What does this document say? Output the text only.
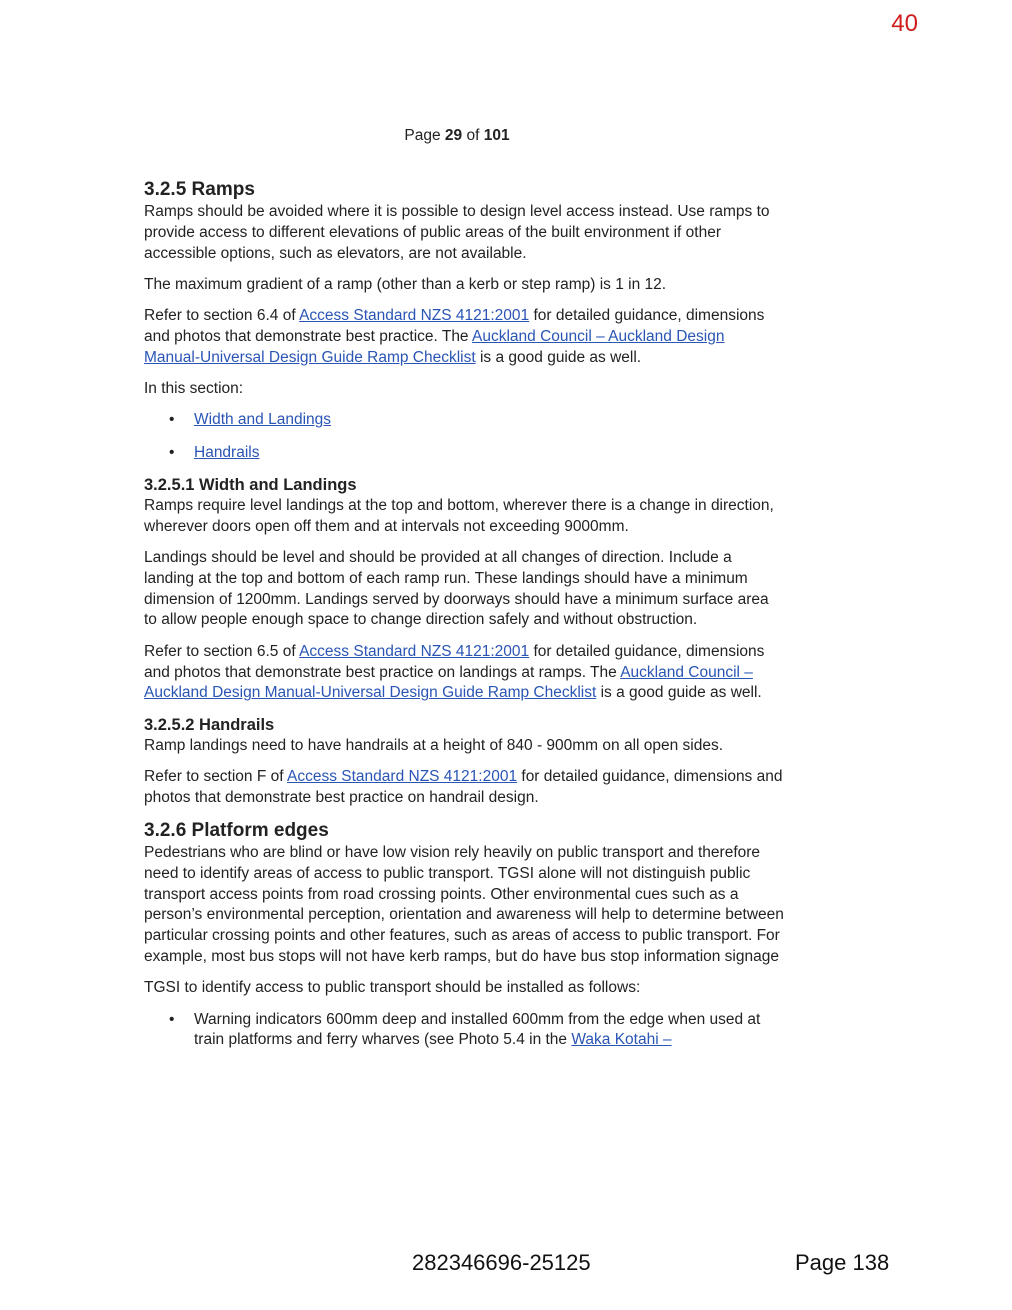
40
Page 29 of 101
3.2.5 Ramps

Ramps should be avoided where it is possible to design level access instead. Use ramps to provide access to different elevations of public areas of the built environment if other accessible options, such as elevators, are not available.

The maximum gradient of a ramp (other than a kerb or step ramp) is 1 in 12.

Refer to section 6.4 of Access Standard NZS 4121:2001 for detailed guidance, dimensions and photos that demonstrate best practice. The Auckland Council – Auckland Design Manual-Universal Design Guide Ramp Checklist is a good guide as well.

In this section:

• Width and Landings
• Handrails
3.2.5.1 Width and Landings

Ramps require level landings at the top and bottom, wherever there is a change in direction, wherever doors open off them and at intervals not exceeding 9000mm.

Landings should be level and should be provided at all changes of direction. Include a landing at the top and bottom of each ramp run. These landings should have a minimum dimension of 1200mm. Landings served by doorways should have a minimum surface area to allow people enough space to change direction safely and without obstruction.

Refer to section 6.5 of Access Standard NZS 4121:2001 for detailed guidance, dimensions and photos that demonstrate best practice on landings at ramps. The Auckland Council – Auckland Design Manual-Universal Design Guide Ramp Checklist is a good guide as well.

3.2.5.2 Handrails

Ramp landings need to have handrails at a height of 840 - 900mm on all open sides.

Refer to section F of Access Standard NZS 4121:2001 for detailed guidance, dimensions and photos that demonstrate best practice on handrail design.

3.2.6 Platform edges

Pedestrians who are blind or have low vision rely heavily on public transport and therefore need to identify areas of access to public transport. TGSI alone will not distinguish public transport access points from road crossing points. Other environmental cues such as a person’s environmental perception, orientation and awareness will help to determine between particular crossing points and other features, such as areas of access to public transport. For example, most bus stops will not have kerb ramps, but do have bus stop information signage

TGSI to identify access to public transport should be installed as follows:

• Warning indicators 600mm deep and installed 600mm from the edge when used at train platforms and ferry wharves (see Photo 5.4 in the Waka Kotahi –
282346696-25125	Page 138
